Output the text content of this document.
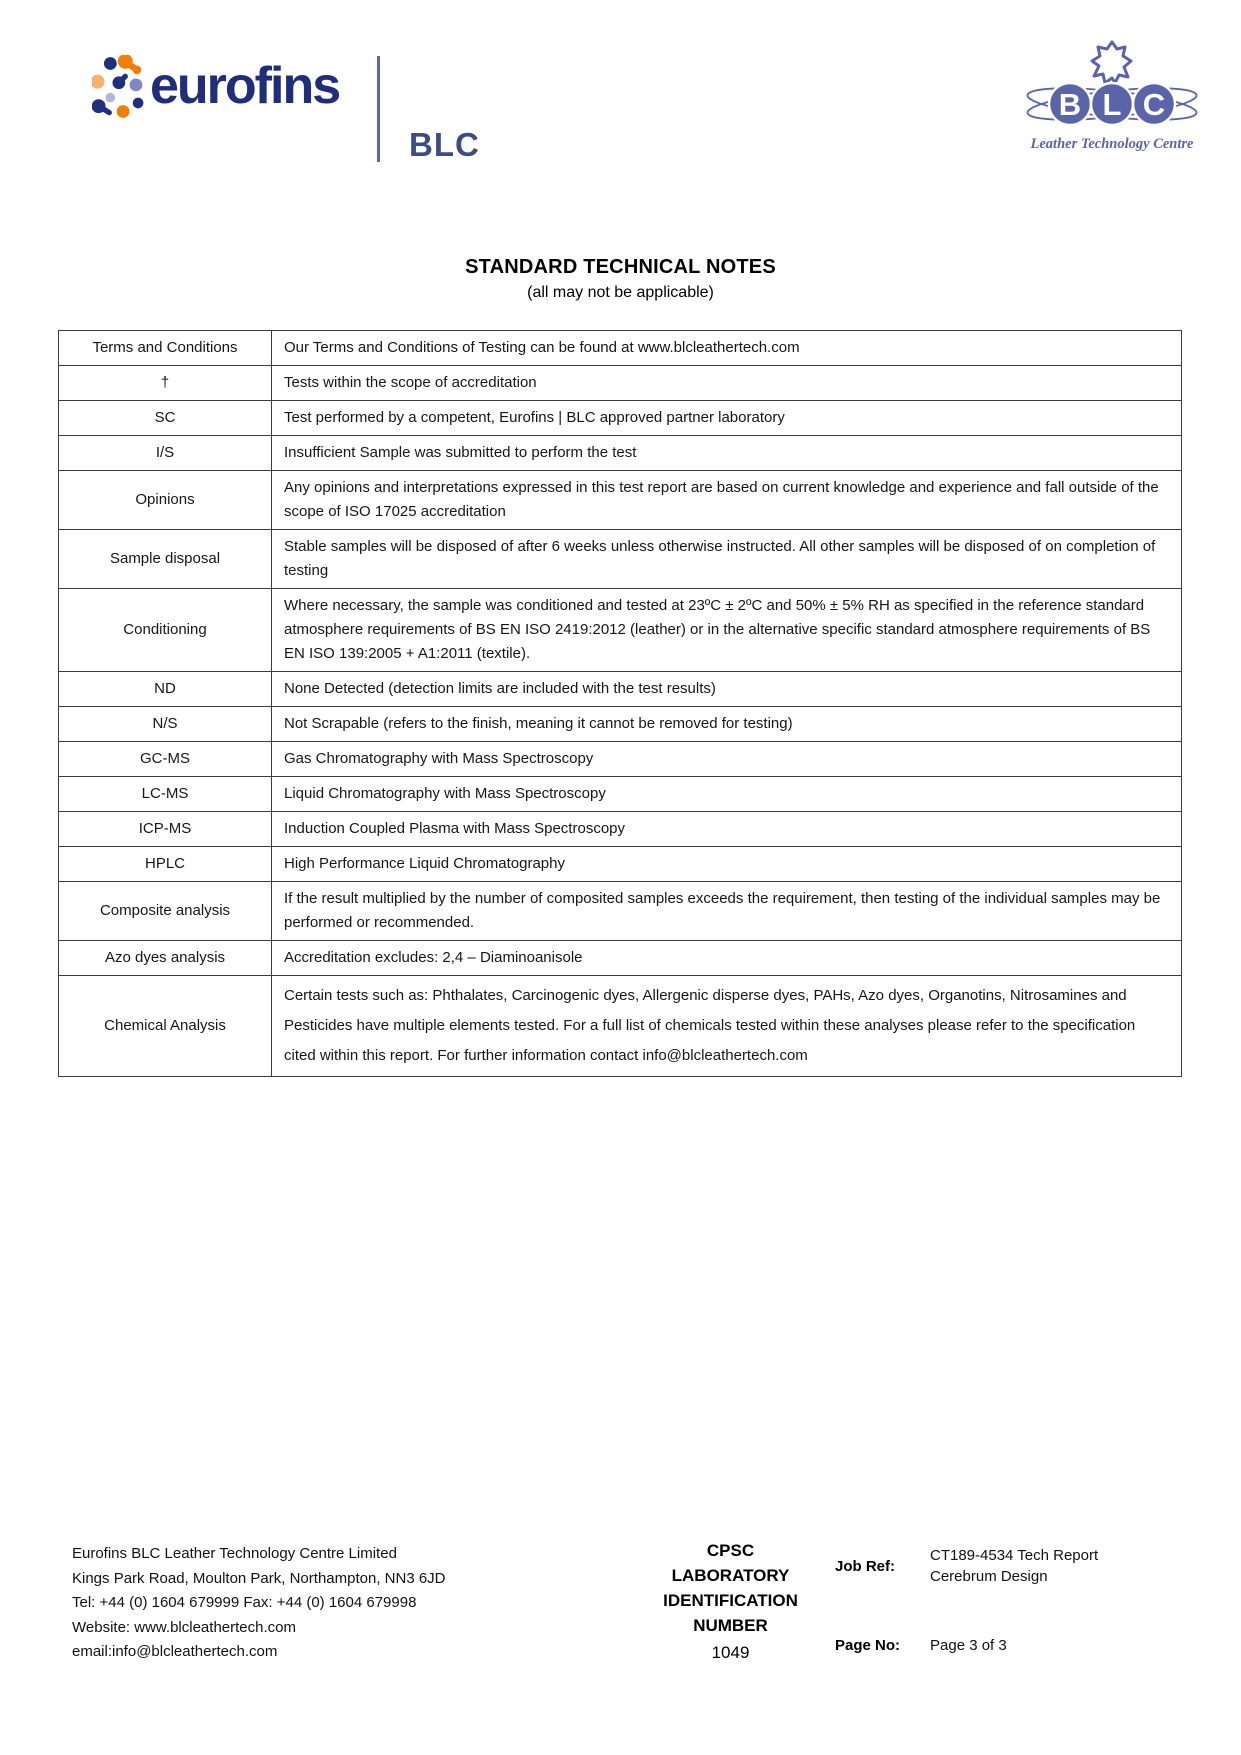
eurofins
BLC
B L C
Leather Technology Centre
STANDARD TECHNICAL NOTES
(all may not be applicable)
Terms and Conditions	Our Terms and Conditions of Testing can be found at www.blcleathertech.com
†	Tests within the scope of accreditation
SC	Test performed by a competent, Eurofins | BLC approved partner laboratory
I/S	Insufficient Sample was submitted to perform the test
Opinions	Any opinions and interpretations expressed in this test report are based on current knowledge and experience and fall outside of the scope of ISO 17025 accreditation
Sample disposal	Stable samples will be disposed of after 6 weeks unless otherwise instructed. All other samples will be disposed of on completion of testing
Conditioning	Where necessary, the sample was conditioned and tested at 23ºC ± 2ºC and 50% ± 5% RH as specified in the reference standard atmosphere requirements of BS EN ISO 2419:2012 (leather) or in the alternative specific standard atmosphere requirements of BS EN ISO 139:2005 + A1:2011 (textile).
ND	None Detected (detection limits are included with the test results)
N/S	Not Scrapable (refers to the finish, meaning it cannot be removed for testing)
GC-MS	Gas Chromatography with Mass Spectroscopy
LC-MS	Liquid Chromatography with Mass Spectroscopy
ICP-MS	Induction Coupled Plasma with Mass Spectroscopy
HPLC	High Performance Liquid Chromatography
Composite analysis	If the result multiplied by the number of composited samples exceeds the requirement, then testing of the individual samples may be performed or recommended.
Azo dyes analysis	Accreditation excludes: 2,4 – Diaminoanisole
Chemical Analysis	Certain tests such as: Phthalates, Carcinogenic dyes, Allergenic disperse dyes, PAHs, Azo dyes, Organotins, Nitrosamines and Pesticides have multiple elements tested. For a full list of chemicals tested within these analyses please refer to the specification cited within this report. For further information contact info@blcleathertech.com
Eurofins BLC Leather Technology Centre Limited
Kings Park Road, Moulton Park, Northampton, NN3 6JD
Tel: +44 (0) 1604 679999 Fax: +44 (0) 1604 679998
Website: www.blcleathertech.com
email:info@blcleathertech.com
CPSC
LABORATORY
IDENTIFICATION
NUMBER
1049
Job Ref:
CT189-4534 Tech Report Cerebrum Design
Page No:	Page 3 of 3
